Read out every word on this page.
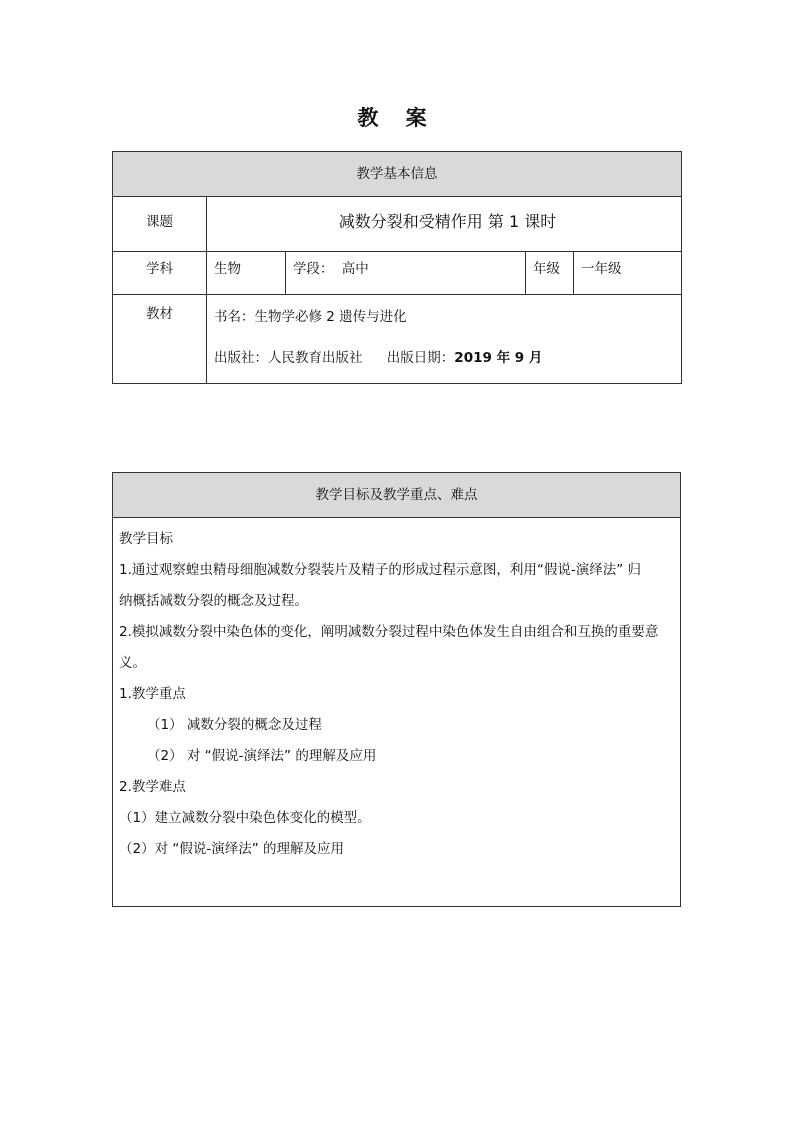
教 案
教学基本信息				
课题	减数分裂和受精作用 第 1 课时			
学科	生物	学段： 高中	年级	一年级
教材	书名：生物学必修 2 遗传与进化
出版社：人民教育出版社 出版日期：2019 年 9 月			
教学目标及教学重点、难点

教学目标
1.通过观察蝗虫精母细胞减数分裂装片及精子的形成过程示意图，利用“假说-演绎法” 归
纳概括减数分裂的概念及过程。
2.模拟减数分裂中染色体的变化，阐明减数分裂过程中染色体发生自由组合和互换的重要意
义。
1.教学重点
（1） 减数分裂的概念及过程
（2） 对 “假说-演绎法” 的理解及应用
2.教学难点
（1）建立减数分裂中染色体变化的模型。
（2）对 “假说-演绎法” 的理解及应用
